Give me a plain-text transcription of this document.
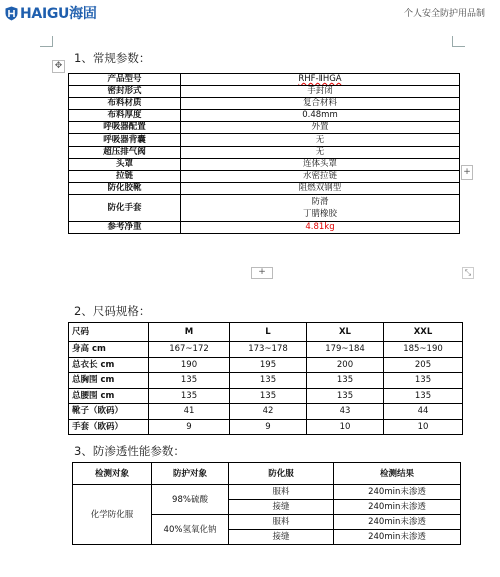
HAIGU海固	个人安全防护用品制
1、常规参数：
✥
产品型号	RHF-ⅡHGA
密封形式	手封闭
布料材质	复合材料
布料厚度	0.48mm
呼吸器配置	外置
呼吸器背囊	无
超压排气阀	无
头罩	连体头罩
拉链	水密拉链
防化胶靴	阻燃双钢型
防化手套	防滑
丁腈橡胶

参考净重	4.81kg
+
+
⤡
2、尺码规格：
尺码	M	L	XL	XXL
身高 cm	167~172	173~178	179~184	185~190
总衣长 cm	190	195	200	205
总胸围 cm	135	135	135	135
总腰围 cm	135	135	135	135
靴子（欧码）	41	42	43	44
手套（欧码）	9	9	10	10
3、防渗透性能参数：
检测对象	防护对象	防化服	检测结果
化学防化服	98%硫酸	服料	240min未渗透
		接缝	240min未渗透
	40%氢氧化钠	服料	240min未渗透
		接缝	240min未渗透
